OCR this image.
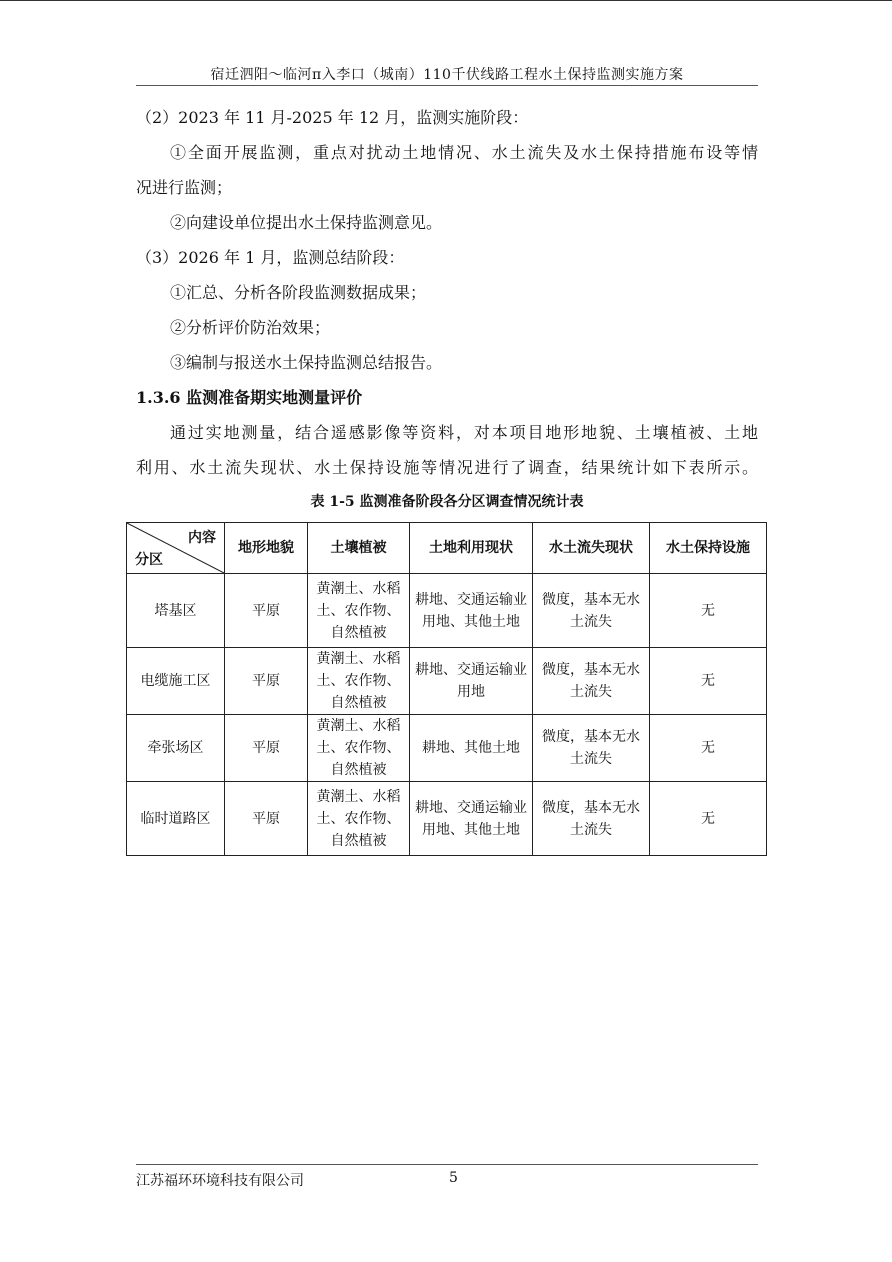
宿迁泗阳～临河π入李口（城南）110千伏线路工程水土保持监测实施方案
（2）2023 年 11 月-2025 年 12 月，监测实施阶段：
①全面开展监测，重点对扰动土地情况、水土流失及水土保持措施布设等情
况进行监测；
②向建设单位提出水土保持监测意见。
（3）2026 年 1 月，监测总结阶段：
①汇总、分析各阶段监测数据成果；
②分析评价防治效果；
③编制与报送水土保持监测总结报告。
1.3.6 监测准备期实地测量评价
通过实地测量，结合遥感影像等资料，对本项目地形地貌、土壤植被、土地
利用、水土流失现状、水土保持设施等情况进行了调查，结果统计如下表所示。
表 1-5 监测准备阶段各分区调查情况统计表
内容
分区	地形地貌	土壤植被	土地利用现状	水土流失现状	水土保持设施
塔基区	平原	黄潮土、水稻土、农作物、自然植被	耕地、交通运输业用地、其他土地	微度，基本无水土流失	无
电缆施工区	平原	黄潮土、水稻土、农作物、自然植被	耕地、交通运输业用地	微度，基本无水土流失	无
牵张场区	平原	黄潮土、水稻土、农作物、自然植被	耕地、其他土地	微度，基本无水土流失	无
临时道路区	平原	黄潮土、水稻土、农作物、自然植被	耕地、交通运输业用地、其他土地	微度，基本无水土流失	无
江苏福环环境科技有限公司	5
